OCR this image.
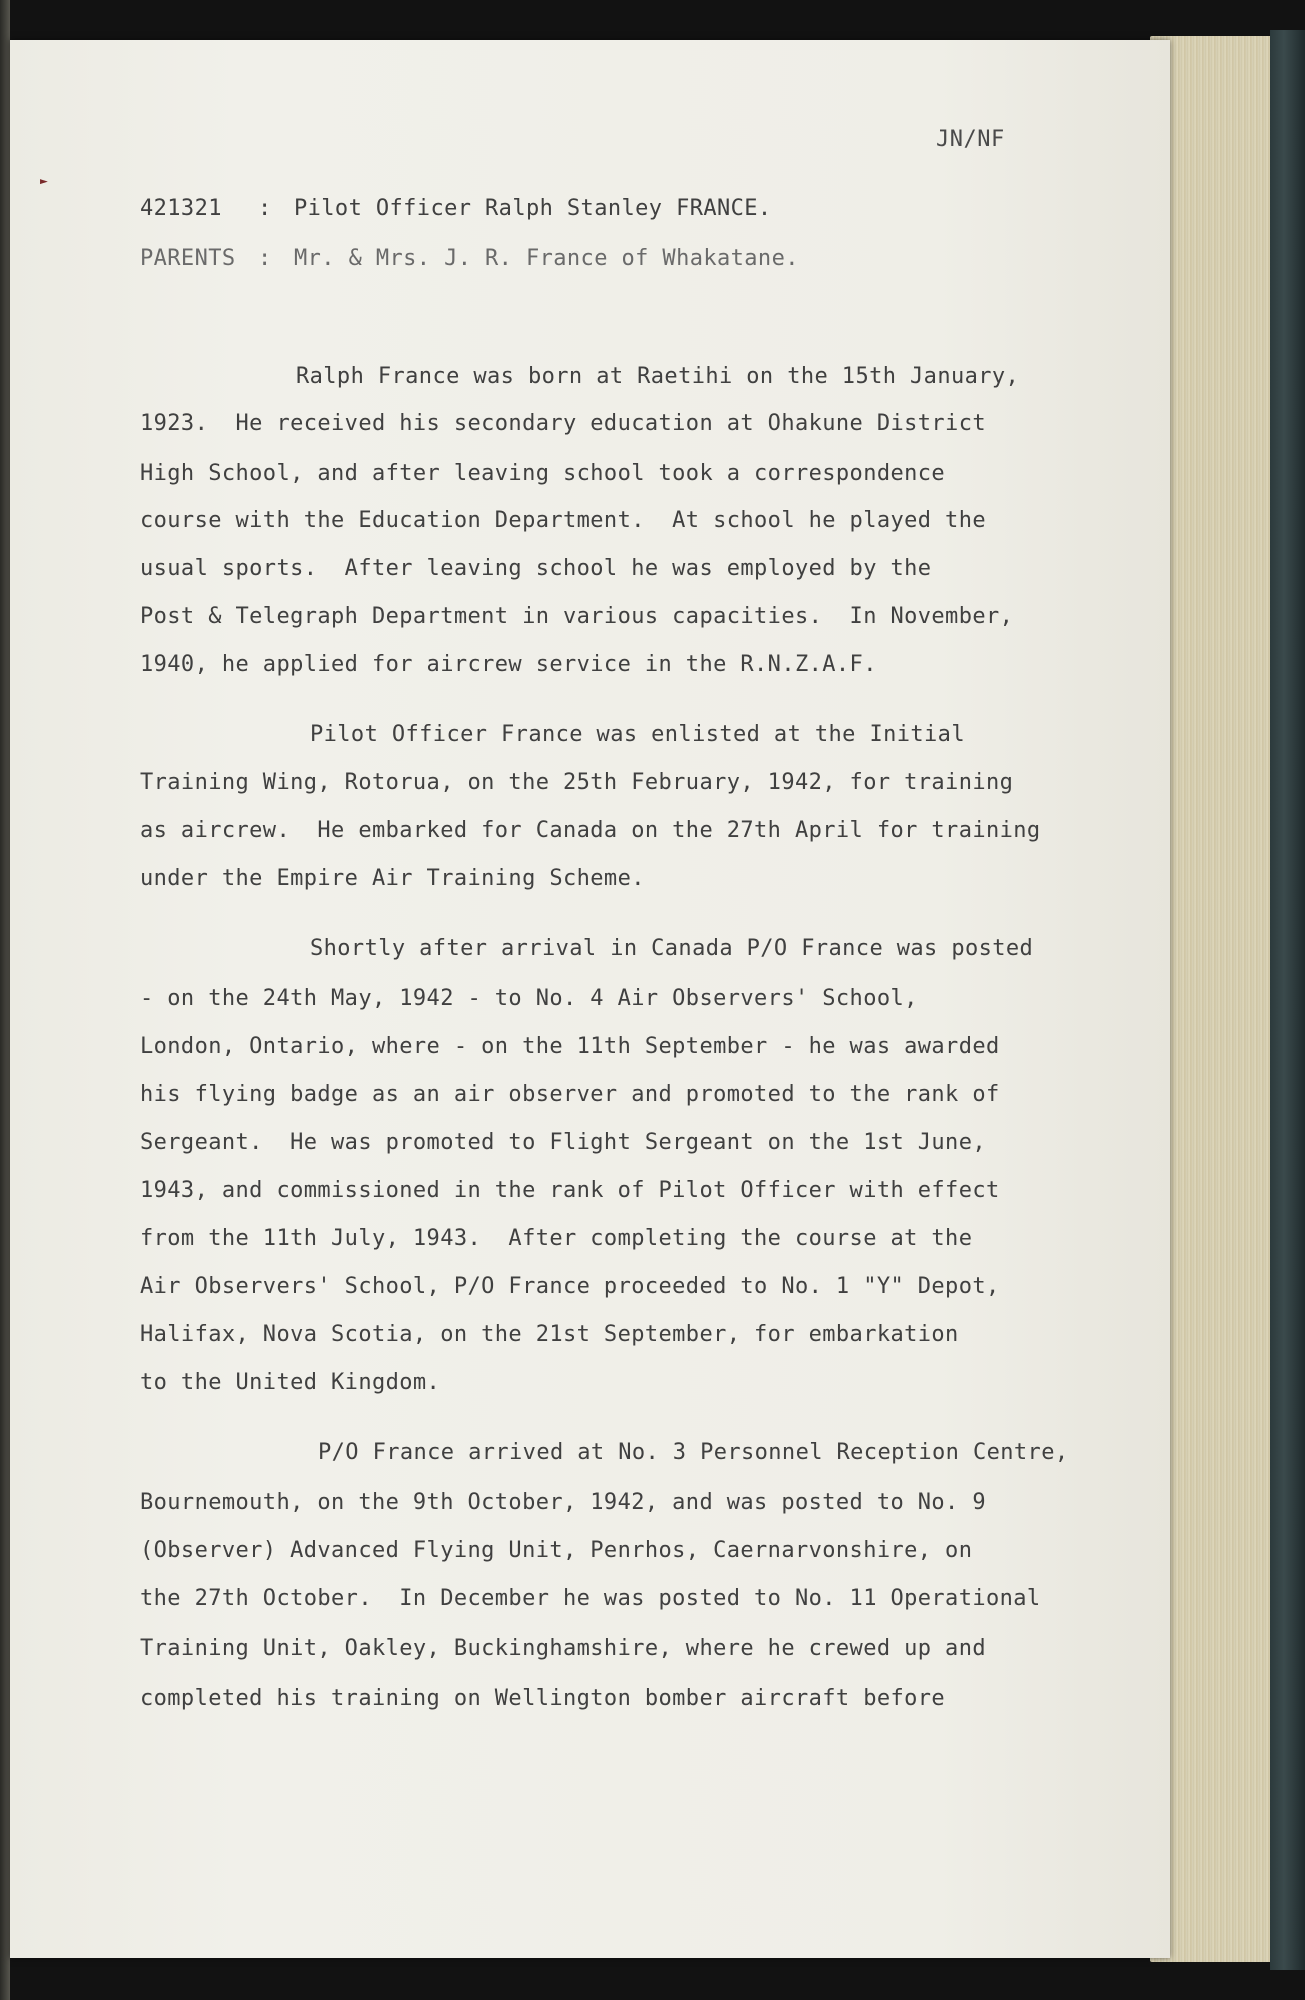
►
JN/NF
421321 : Pilot Officer Ralph Stanley FRANCE.
PARENTS : Mr. & Mrs. J. R. France of Whakatane.
Ralph France was born at Raetihi on the 15th January,
1923.  He received his secondary education at Ohakune District
High School, and after leaving school took a correspondence
course with the Education Department.  At school he played the
usual sports.  After leaving school he was employed by the
Post & Telegraph Department in various capacities.  In November,
1940, he applied for aircrew service in the R.N.Z.A.F.
Pilot Officer France was enlisted at the Initial
Training Wing, Rotorua, on the 25th February, 1942, for training
as aircrew.  He embarked for Canada on the 27th April for training
under the Empire Air Training Scheme.
Shortly after arrival in Canada P/O France was posted
- on the 24th May, 1942 - to No. 4 Air Observers' School,
London, Ontario, where - on the 11th September - he was awarded
his flying badge as an air observer and promoted to the rank of
Sergeant.  He was promoted to Flight Sergeant on the 1st June,
1943, and commissioned in the rank of Pilot Officer with effect
from the 11th July, 1943.  After completing the course at the
Air Observers' School, P/O France proceeded to No. 1 "Y" Depot,
Halifax, Nova Scotia, on the 21st September, for embarkation
to the United Kingdom.
P/O France arrived at No. 3 Personnel Reception Centre,
Bournemouth, on the 9th October, 1942, and was posted to No. 9
(Observer) Advanced Flying Unit, Penrhos, Caernarvonshire, on
the 27th October.  In December he was posted to No. 11 Operational
Training Unit, Oakley, Buckinghamshire, where he crewed up and
completed his training on Wellington bomber aircraft before
